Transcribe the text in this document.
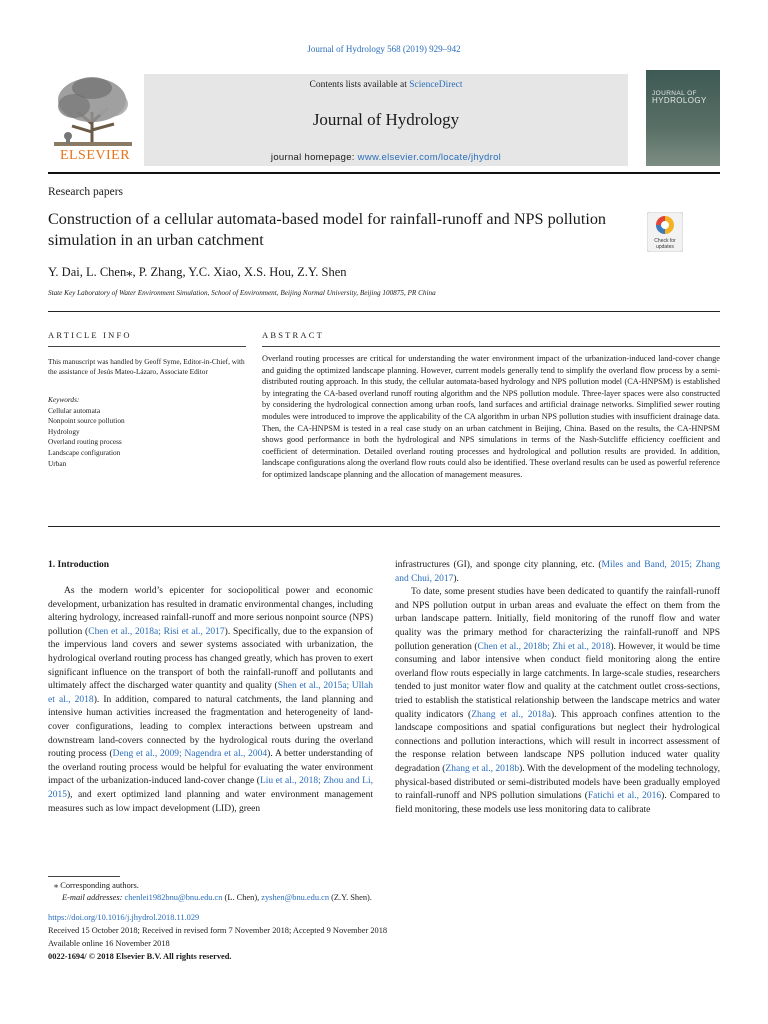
Journal of Hydrology 568 (2019) 929–942
ELSEVIER
Contents lists available at ScienceDirect
Journal of Hydrology
journal homepage: www.elsevier.com/locate/jhydrol
JOURNAL OF
HYDROLOGY
Research papers
Construction of a cellular automata-based model for rainfall-runoff and NPS pollution simulation in an urban catchment	Check for
updates
Y. Dai, L. Chen⁎, P. Zhang, Y.C. Xiao, X.S. Hou, Z.Y. Shen
State Key Laboratory of Water Environment Simulation, School of Environment, Beijing Normal University, Beijing 100875, PR China
ARTICLE INFO
This manuscript was handled by Geoff Syme, Editor-in-Chief, with the assistance of Jesús Mateo-Lázaro, Associate Editor
Keywords:
Cellular automata
Nonpoint source pollution
Hydrology
Overland routing process
Landscape configuration
Urban
ABSTRACT
Overland routing processes are critical for understanding the water environment impact of the urbanization-induced land-cover change and guiding the optimized landscape planning. However, current models generally tend to simplify the overland flow process by a semi-distributed routing approach. In this study, the cellular automata-based hydrology and NPS pollution model (CA-HNPSM) is established by integrating the CA-based overland runoff routing algorithm and the NPS pollution module. Three-layer spaces were also constructed by considering the hydrological connection among urban roofs, land surfaces and artificial drainage networks. Simplified sewer routing modules were introduced to improve the applicability of the CA algorithm in urban NPS pollution studies with insufficient drainage data. Then, the CA-HNPSM is tested in a real case study on an urban catchment in Beijing, China. Based on the results, the CA-HNPSM shows good performance in both the hydrological and NPS simulations in terms of the Nash-Sutcliffe efficiency coefficient and coefficient of determination. Detailed overland routing processes and hydrological and pollution results are provided. In addition, landscape configurations along the overland flow routs could also be identified. These overland results can be used as powerful reference for optimized landscape planning and the allocation of management measures.
1. Introduction

As the modern world’s epicenter for sociopolitical power and economic development, urbanization has resulted in dramatic environmental changes, including altering hydrology, increased rainfall-runoff and more serious nonpoint source (NPS) pollution (Chen et al., 2018a; Risi et al., 2017). Specifically, due to the expansion of the impervious land covers and sewer systems associated with urbanization, the hydrological overland routing process has changed greatly, which has proven to exert significant influence on the transport of both the rainfall-runoff and pollutants and ultimately affect the discharged water quantity and quality (Shen et al., 2015a; Ullah et al., 2018). In addition, compared to natural catchments, the land planning and intensive human activities increased the fragmentation and heterogeneity of land-cover configurations, leading to complex interactions between upstream and downstream land-covers connected by the hydrological routs during the overland routing process (Deng et al., 2009; Nagendra et al., 2004). A better understanding of the overland routing process would be helpful for evaluating the water environment impact of the urbanization-induced land-cover change (Liu et al., 2018; Zhou and Li, 2015), and exert optimized land planning and water environment management measures such as low impact development (LID), green

infrastructures (GI), and sponge city planning, etc. (Miles and Band, 2015; Zhang and Chui, 2017).

To date, some present studies have been dedicated to quantify the rainfall-runoff and NPS pollution output in urban areas and evaluate the effect on them from the urban landscape pattern. Initially, field monitoring of the runoff flow and water quality was the primary method for characterizing the rainfall-runoff and NPS pollution generation (Chen et al., 2018b; Zhi et al., 2018). However, it would be time consuming and labor intensive when conduct field monitoring along the entire overland flow routs especially in large catchments. In large-scale studies, researchers tended to just monitor water flow and quality at the catchment outlet cross-sections, tried to establish the statistical relationship between the landscape metrics and water quality indicators (Zhang et al., 2018a). This approach confines attention to the landscape compositions and spatial configurations but neglect their hydrological connections and pollution interactions, which will result in incorrect assessment of the response relation between landscape NPS pollution induced water quality degradation (Zhang et al., 2018b). With the development of the modeling technology, physical-based distributed or semi-distributed models have been gradually employed to rainfall-runoff and NPS pollution simulations (Fatichi et al., 2016). Compared to field monitoring, these models use less monitoring data to calibrate

⁎ Corresponding authors.
E-mail addresses: chenlei1982bnu@bnu.edu.cn (L. Chen), zyshen@bnu.edu.cn (Z.Y. Shen).
https://doi.org/10.1016/j.jhydrol.2018.11.029
Received 15 October 2018; Received in revised form 7 November 2018; Accepted 9 November 2018
Available online 16 November 2018
0022-1694/ © 2018 Elsevier B.V. All rights reserved.
